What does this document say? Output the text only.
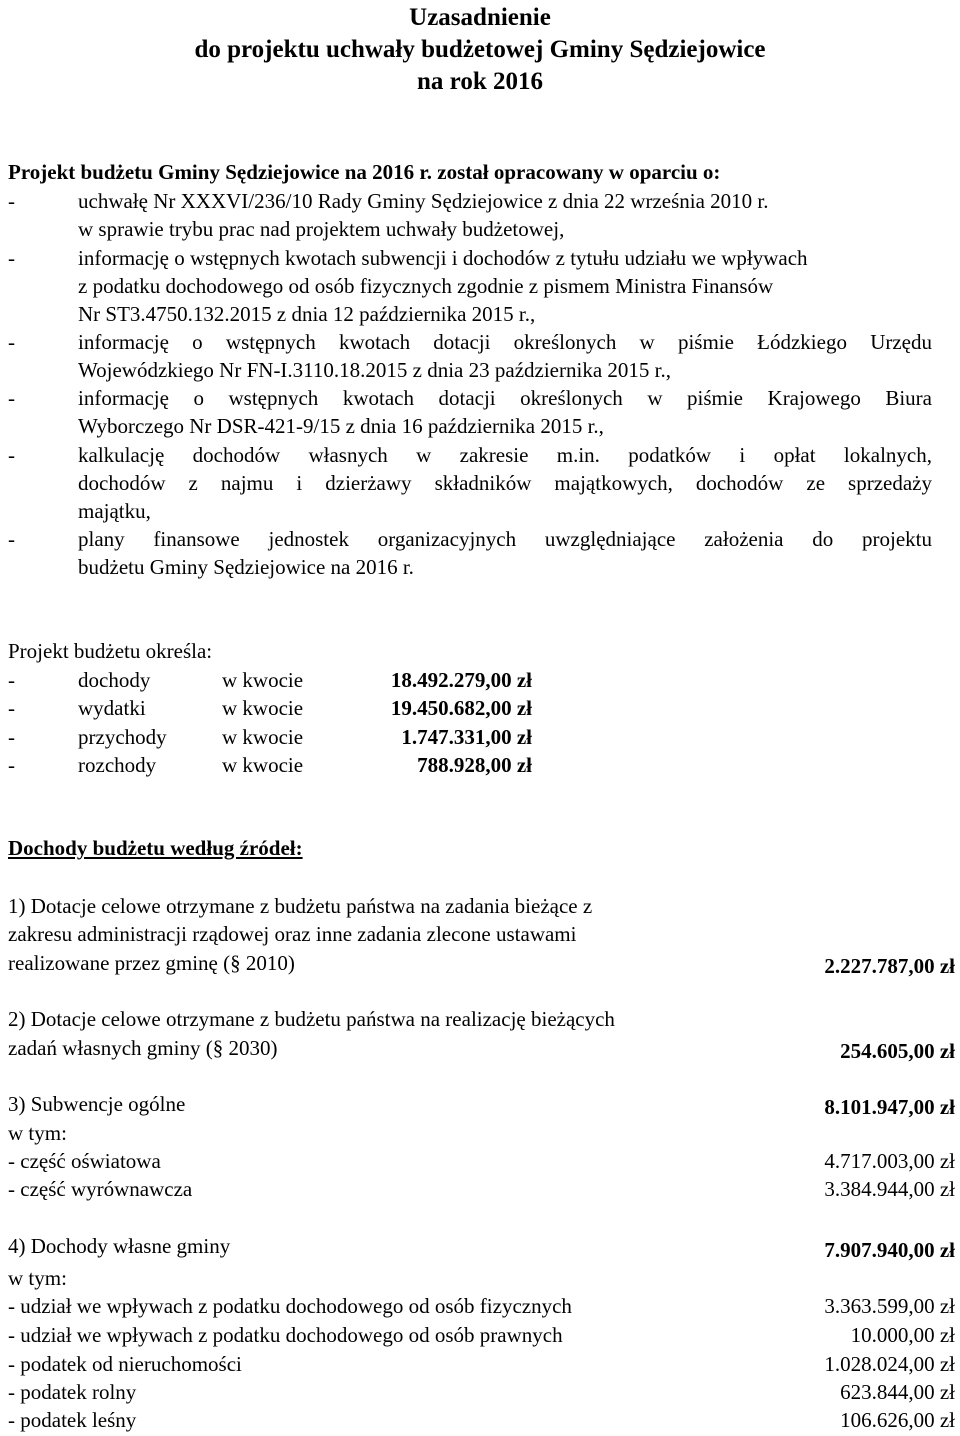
Uzasadnienie
do projektu uchwały budżetowej Gminy Sędziejowice
na rok 2016
Projekt budżetu Gminy Sędziejowice na 2016 r. został opracowany w oparciu o:
-	uchwałę Nr XXXVI/236/10 Rady Gminy Sędziejowice z dnia 22 września 2010 r.
w sprawie trybu prac nad projektem uchwały budżetowej,
-	informację o wstępnych kwotach subwencji i dochodów z tytułu udziału we wpływach
z podatku dochodowego od osób fizycznych zgodnie z pismem Ministra Finansów
Nr ST3.4750.132.2015 z dnia 12 października 2015 r.,
-	informację o wstępnych kwotach dotacji określonych w piśmie Łódzkiego Urzędu
Wojewódzkiego Nr FN-I.3110.18.2015 z dnia 23 października 2015 r.,
-	informację o wstępnych kwotach dotacji określonych w piśmie Krajowego Biura
Wyborczego Nr DSR-421-9/15 z dnia 16 października 2015 r.,
-	kalkulację dochodów własnych w zakresie m.in. podatków i opłat lokalnych,
dochodów z najmu i dzierżawy składników majątkowych, dochodów ze sprzedaży
majątku,
-	plany finansowe jednostek organizacyjnych uwzględniające założenia do projektu
budżetu Gminy Sędziejowice na 2016 r.
Projekt budżetu określa:
-	dochody	w kwocie	18.492.279,00 zł
-	wydatki	w kwocie	19.450.682,00 zł
-	przychody	w kwocie	1.747.331,00 zł
-	rozchody	w kwocie	788.928,00 zł
Dochody budżetu według źródeł:
1) Dotacje celowe otrzymane z budżetu państwa na zadania bieżące z
zakresu administracji rządowej oraz inne zadania zlecone ustawami
realizowane przez gminę (§ 2010)	2.227.787,00 zł
2) Dotacje celowe otrzymane z budżetu państwa na realizację bieżących
zadań własnych gminy (§ 2030)	254.605,00 zł
3) Subwencje ogólne	8.101.947,00 zł
w tym:
- część oświatowa	4.717.003,00 zł
- część wyrównawcza	3.384.944,00 zł
4) Dochody własne gminy	7.907.940,00 zł
w tym:
- udział we wpływach z podatku dochodowego od osób fizycznych	3.363.599,00 zł
- udział we wpływach z podatku dochodowego od osób prawnych	10.000,00 zł
- podatek od nieruchomości	1.028.024,00 zł
- podatek rolny	623.844,00 zł
- podatek leśny	106.626,00 zł
